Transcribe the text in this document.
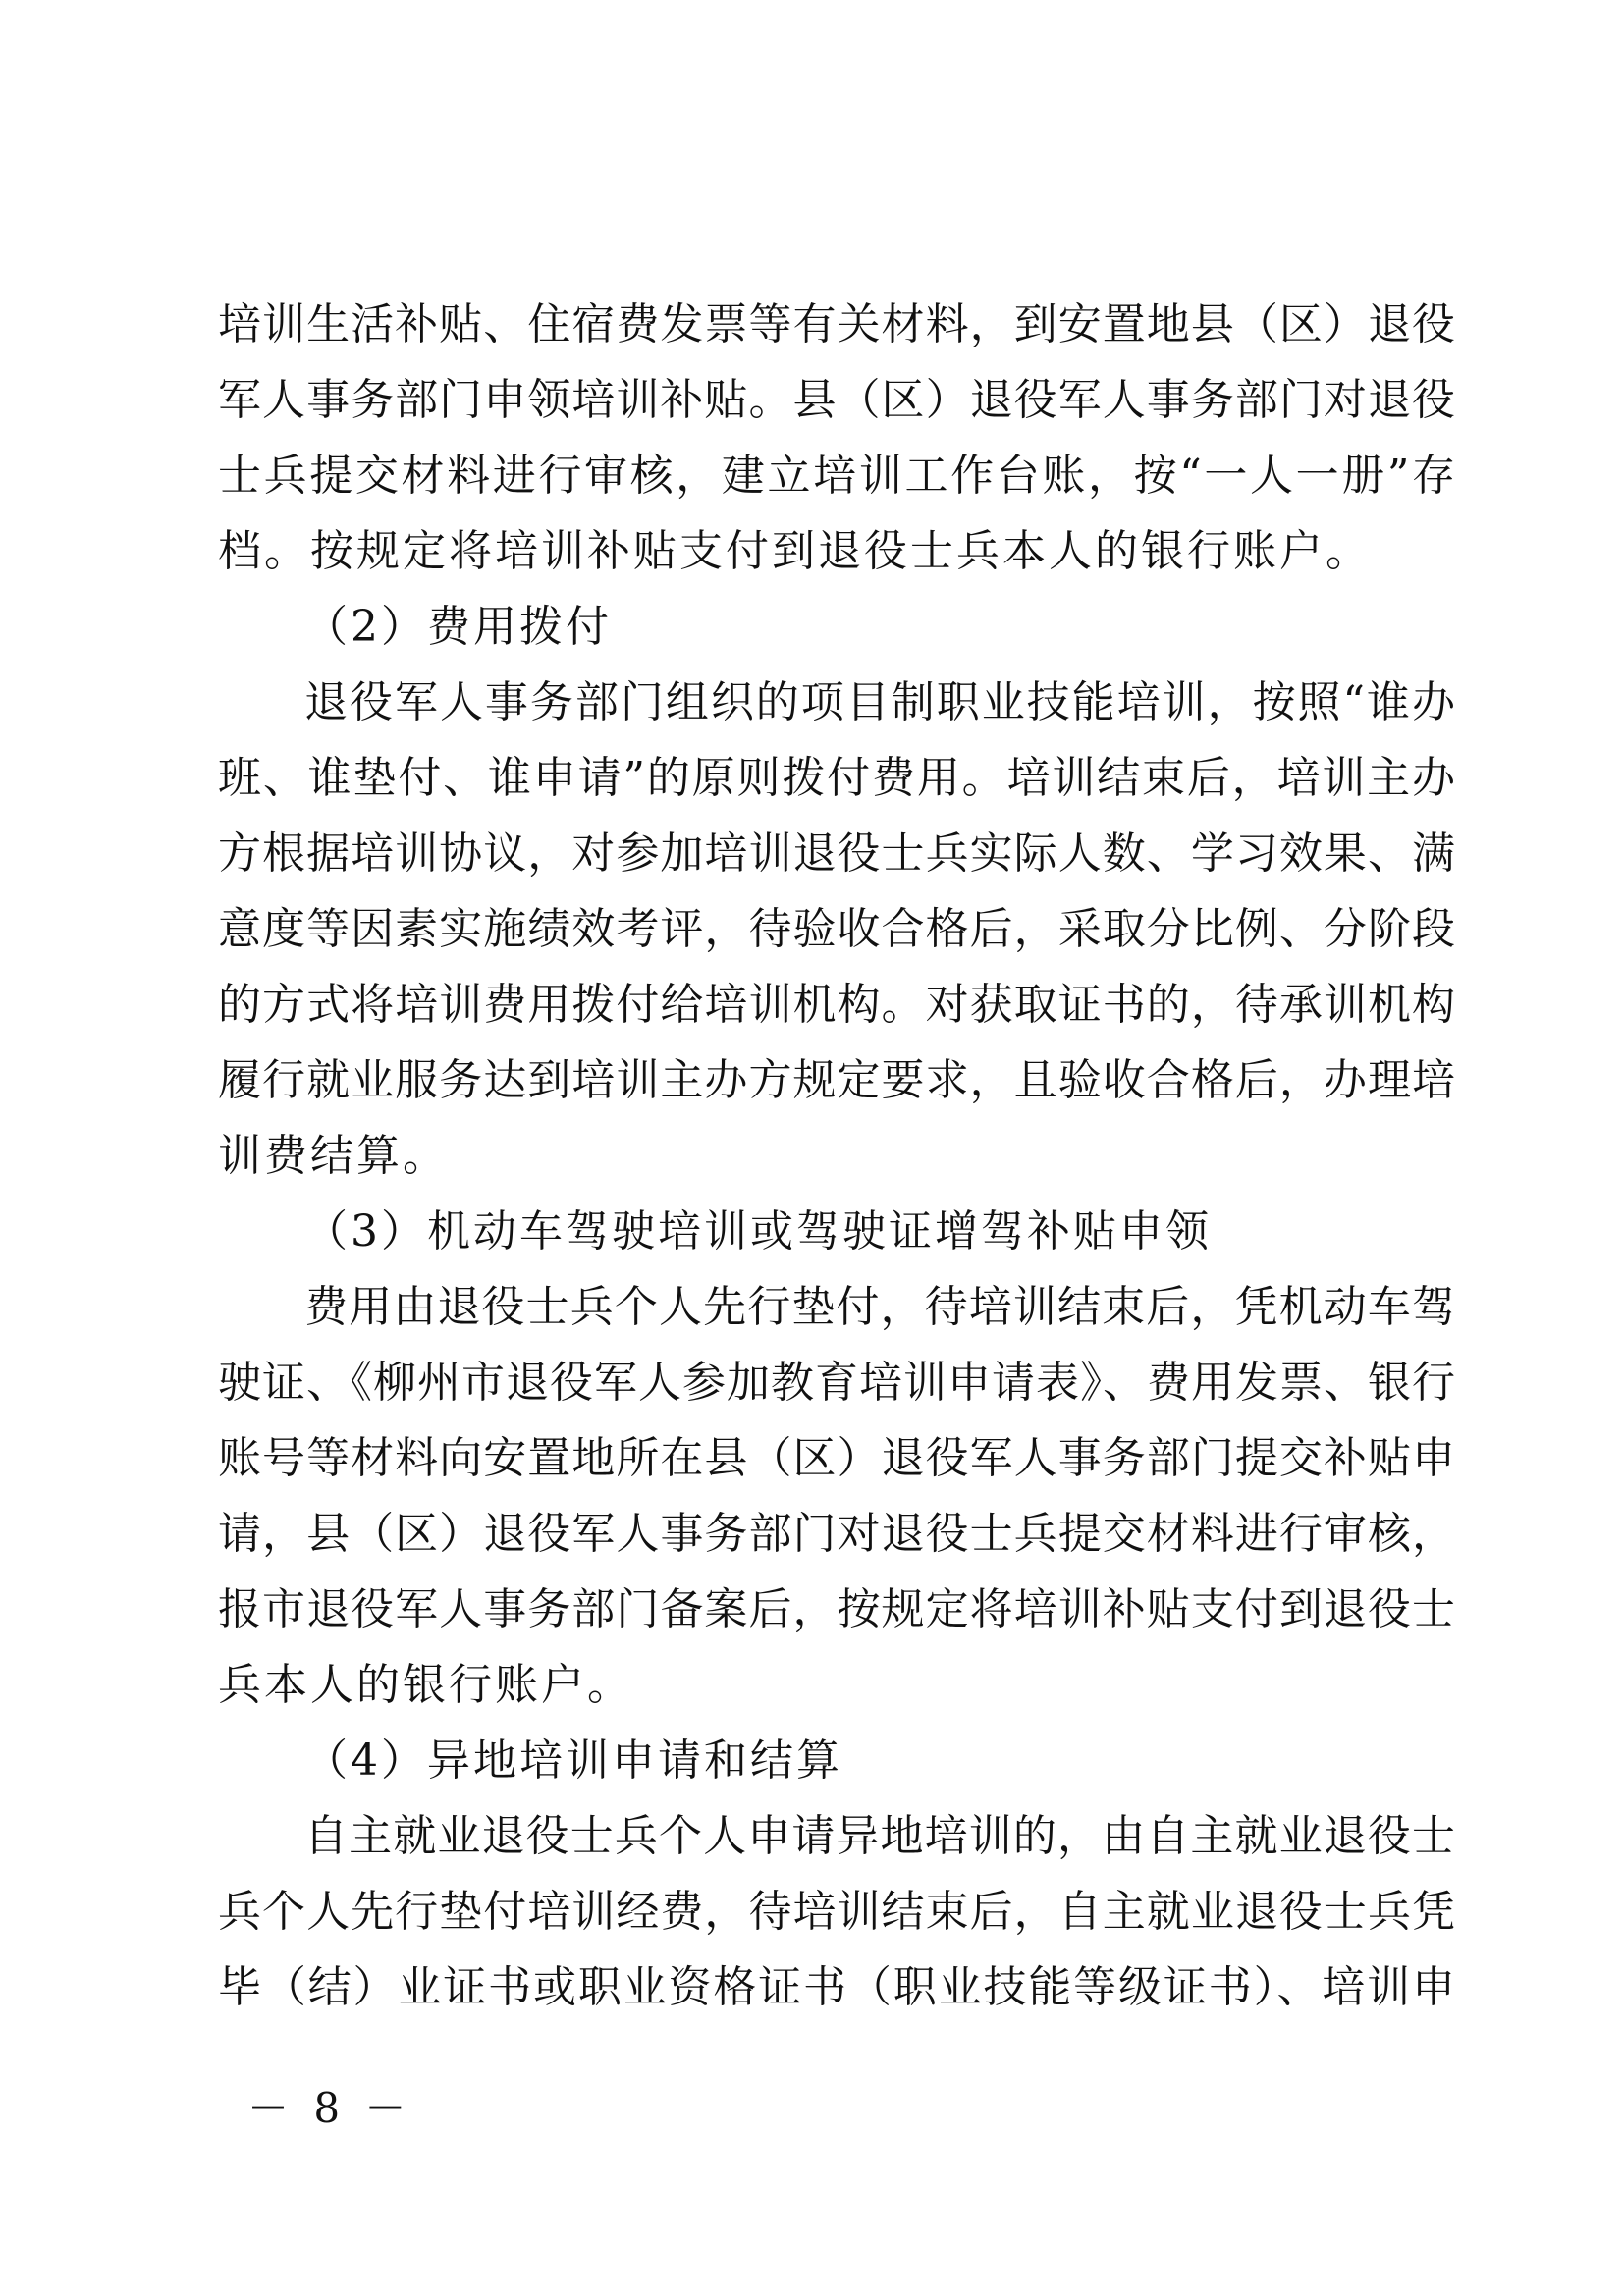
培训生活补贴、住宿费发票等有关材料，到安置地县（区）退役
军人事务部门申领培训补贴。县（区）退役军人事务部门对退役
士兵提交材料进行审核，建立培训工作台账，按“一人一册”存
档。按规定将培训补贴支付到退役士兵本人的银行账户。
（2）费用拨付
退役军人事务部门组织的项目制职业技能培训，按照“谁办
班、谁垫付、谁申请”的原则拨付费用。培训结束后，培训主办
方根据培训协议，对参加培训退役士兵实际人数、学习效果、满
意度等因素实施绩效考评，待验收合格后，采取分比例、分阶段
的方式将培训费用拨付给培训机构。对获取证书的，待承训机构
履行就业服务达到培训主办方规定要求，且验收合格后，办理培
训费结算。
（3）机动车驾驶培训或驾驶证增驾补贴申领
费用由退役士兵个人先行垫付，待培训结束后，凭机动车驾
驶证、《柳州市退役军人参加教育培训申请表》、费用发票、银行
账号等材料向安置地所在县（区）退役军人事务部门提交补贴申
请，县（区）退役军人事务部门对退役士兵提交材料进行审核，
报市退役军人事务部门备案后，按规定将培训补贴支付到退役士
兵本人的银行账户。
（4）异地培训申请和结算
自主就业退役士兵个人申请异地培训的，由自主就业退役士
兵个人先行垫付培训经费，待培训结束后，自主就业退役士兵凭
毕（结）业证书或职业资格证书（职业技能等级证书）、培训申
－ 8 －
